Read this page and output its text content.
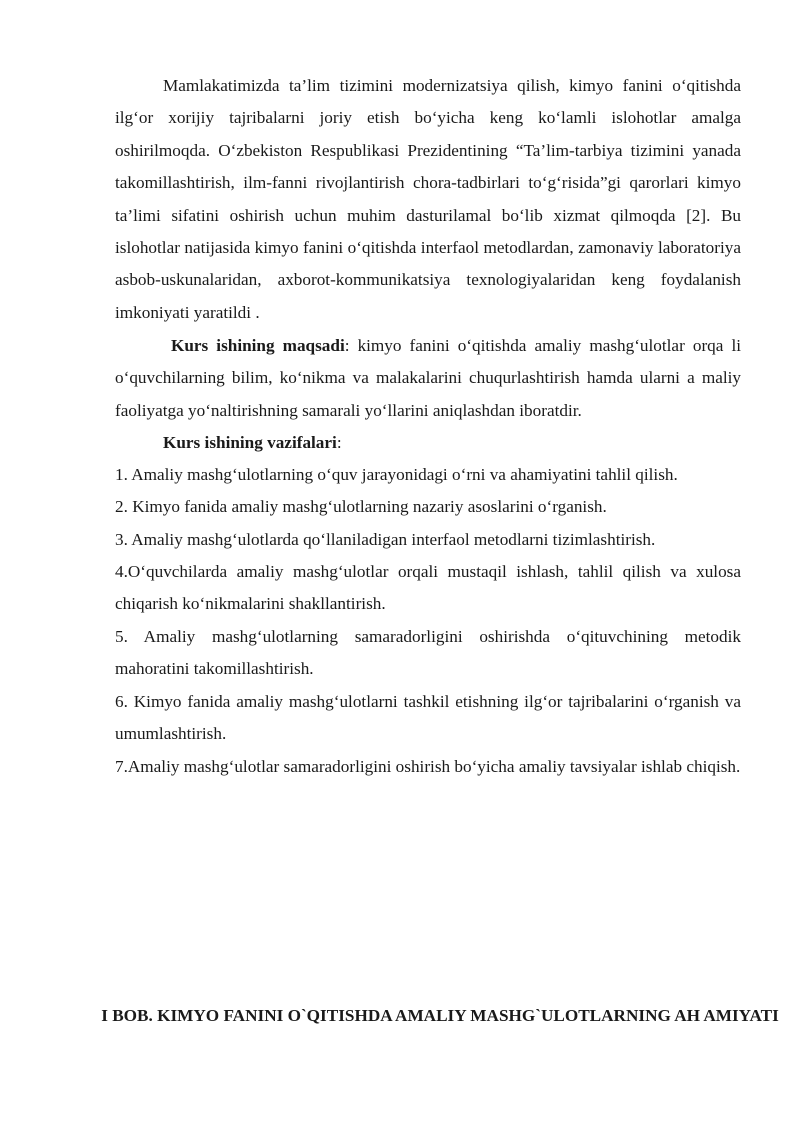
Mamlakatimizda ta’lim tizimini modernizatsiya qilish, kimyo fanini o‘qitishda ilg‘or xorijiy tajribalarni joriy etish bo‘yicha keng ko‘lamli islohotlar amalga oshirilmoqda. O‘zbekiston Respublikasi Prezidentining “Ta’lim-tarbiya tizimini yanada takomillashtirish, ilm-fanni rivojlantirish chora-tadbirlari to‘g‘risida”gi qarorlari kimyo ta’limi sifatini oshirish uchun muhim dasturilamal bo‘lib xizmat qilmoqda [2]. Bu islohotlar natijasida kimyo fanini o‘qitishda interfaol metodlardan, zamonaviy laboratoriya asbob-uskunalaridan, axborot-kommunikatsiya texnologiyalaridan keng foydalanish imkoniyati yaratildi .

Kurs ishining maqsadi: kimyo fanini o‘qitishda amaliy mashg‘ulotlar orqa li o‘quvchilarning bilim, ko‘nikma va malakalarini chuqurlashtirish hamda ularni a maliy faoliyatga yo‘naltirishning samarali yo‘llarini aniqlashdan iboratdir.

Kurs ishining vazifalari:

1. Amaliy mashg‘ulotlarning o‘quv jarayonidagi o‘rni va ahamiyatini tahlil qilish.

2. Kimyo fanida amaliy mashg‘ulotlarning nazariy asoslarini o‘rganish.

3. Amaliy mashg‘ulotlarda qo‘llaniladigan interfaol metodlarni tizimlashtirish.

4.O‘quvchilarda amaliy mashg‘ulotlar orqali mustaqil ishlash, tahlil qilish va xulosa chiqarish ko‘nikmalarini shakllantirish.

5. Amaliy mashg‘ulotlarning samaradorligini oshirishda o‘qituvchining metodik mahoratini takomillashtirish.

6. Kimyo fanida amaliy mashg‘ulotlarni tashkil etishning ilg‘or tajribalarini o‘rganish va umumlashtirish.

7.Amaliy mashg‘ulotlar samaradorligini oshirish bo‘yicha amaliy tavsiyalar ishlab chiqish.

I BOB. KIMYO FANINI O`QITISHDA AMALIY MASHG`ULOTLARNING AH AMIYATI
